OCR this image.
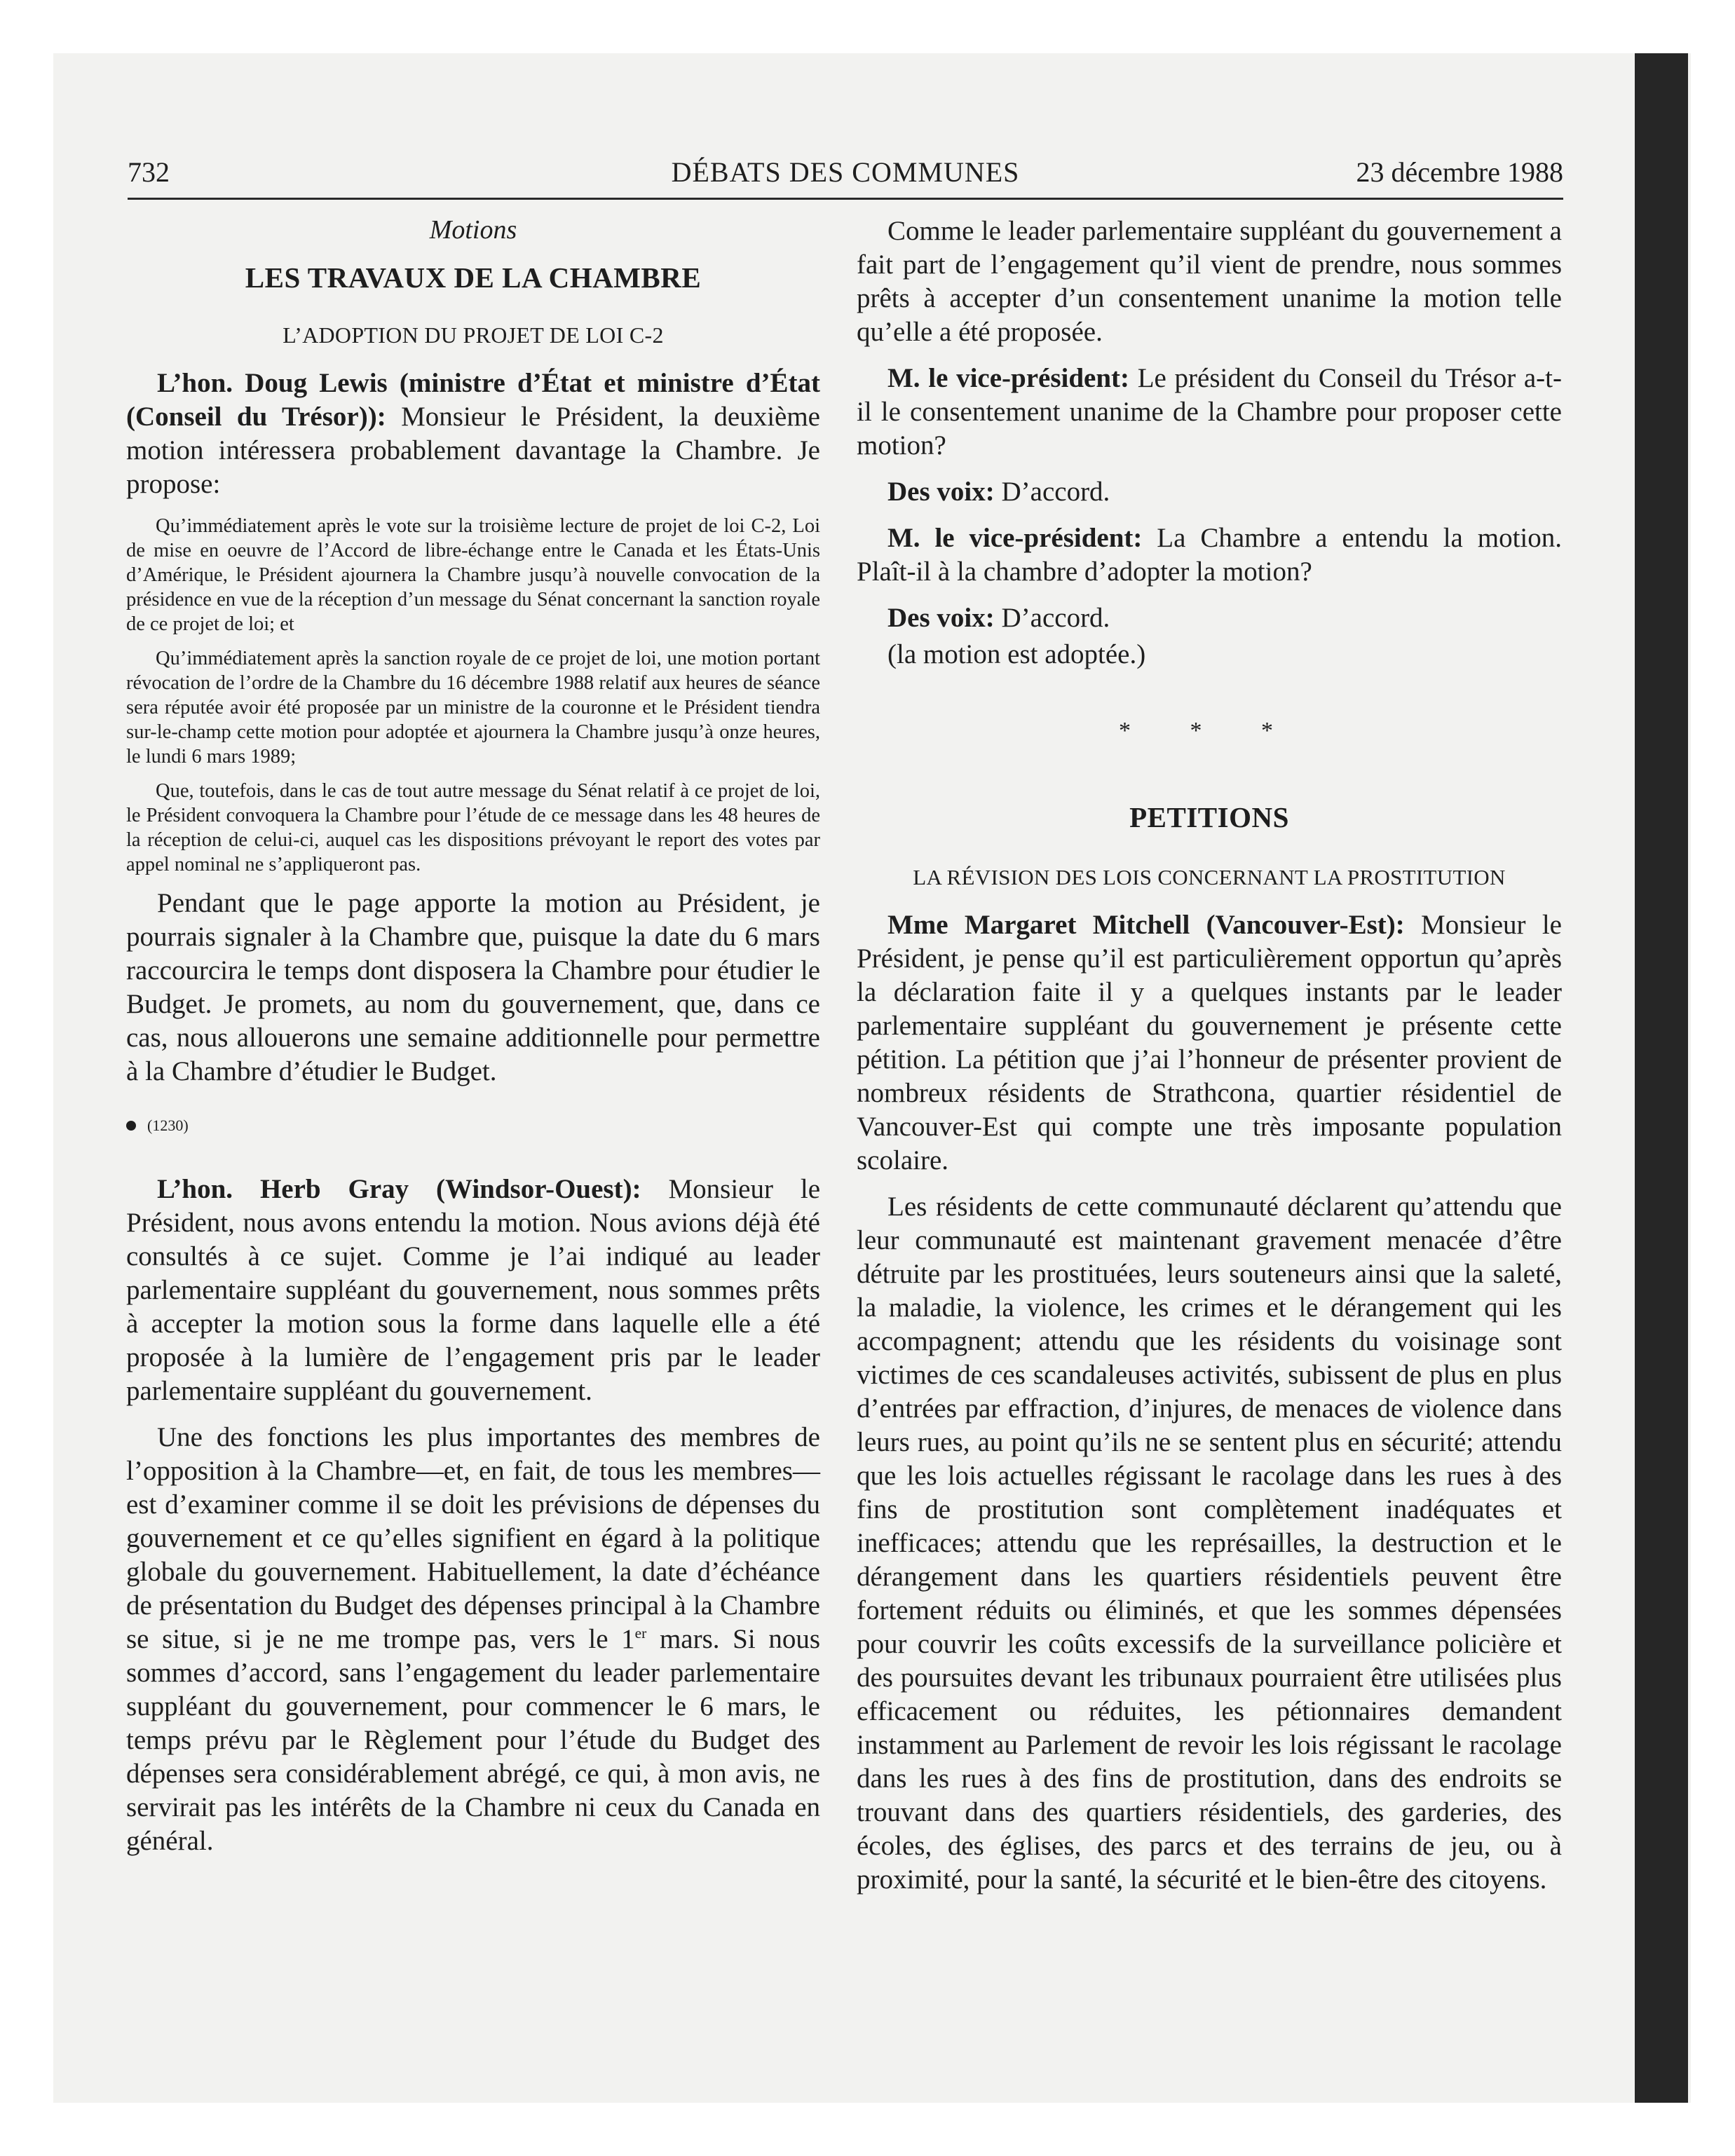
732	DÉBATS DES COMMUNES	23 décembre 1988
Motions
LES TRAVAUX DE LA CHAMBRE
L’ADOPTION DU PROJET DE LOI C-2

L’hon. Doug Lewis (ministre d’État et ministre d’État (Conseil du Trésor)): Monsieur le Président, la deuxième motion intéressera probablement davantage la Chambre. Je propose:

Qu’immédiatement après le vote sur la troisième lecture de projet de loi C-2, Loi de mise en oeuvre de l’Accord de libre-échange entre le Canada et les États-Unis d’Amérique, le Président ajournera la Chambre jusqu’à nouvelle convocation de la présidence en vue de la réception d’un message du Sénat concernant la sanction royale de ce projet de loi; et

Qu’immédiatement après la sanction royale de ce projet de loi, une motion portant révocation de l’ordre de la Chambre du 16 décembre 1988 relatif aux heures de séance sera réputée avoir été proposée par un ministre de la couronne et le Président tiendra sur-le-champ cette motion pour adoptée et ajournera la Chambre jusqu’à onze heures, le lundi 6 mars 1989;

Que, toutefois, dans le cas de tout autre message du Sénat relatif à ce projet de loi, le Président convoquera la Chambre pour l’étude de ce message dans les 48 heures de la réception de celui-ci, auquel cas les dispositions prévoyant le report des votes par appel nominal ne s’appliqueront pas.

Pendant que le page apporte la motion au Président, je pourrais signaler à la Chambre que, puisque la date du 6 mars raccourcira le temps dont disposera la Chambre pour étudier le Budget. Je promets, au nom du gouvernement, que, dans ce cas, nous allouerons une semaine additionnelle pour permettre à la Chambre d’étudier le Budget.

(1230)

L’hon. Herb Gray (Windsor-Ouest): Monsieur le Président, nous avons entendu la motion. Nous avions déjà été consultés à ce sujet. Comme je l’ai indiqué au leader parlementaire suppléant du gouvernement, nous sommes prêts à accepter la motion sous la forme dans laquelle elle a été proposée à la lumière de l’engagement pris par le leader parlementaire suppléant du gouvernement.

Une des fonctions les plus importantes des membres de l’opposition à la Chambre—et, en fait, de tous les membres—est d’examiner comme il se doit les prévisions de dépenses du gouvernement et ce qu’elles signifient en égard à la politique globale du gouvernement. Habituellement, la date d’échéance de présentation du Budget des dépenses principal à la Chambre se situe, si je ne me trompe pas, vers le 1er mars. Si nous sommes d’accord, sans l’engagement du leader parlementaire suppléant du gouvernement, pour commencer le 6 mars, le temps prévu par le Règlement pour l’étude du Budget des dépenses sera considérablement abrégé, ce qui, à mon avis, ne servirait pas les intérêts de la Chambre ni ceux du Canada en général.

Comme le leader parlementaire suppléant du gouvernement a fait part de l’engagement qu’il vient de prendre, nous sommes prêts à accepter d’un consentement unanime la motion telle qu’elle a été proposée.

M. le vice-président: Le président du Conseil du Trésor a-t-il le consentement unanime de la Chambre pour proposer cette motion?

Des voix: D’accord.

M. le vice-président: La Chambre a entendu la motion. Plaît-il à la chambre d’adopter la motion?

Des voix: D’accord.

(la motion est adoptée.)

* * *
PETITIONS
LA RÉVISION DES LOIS CONCERNANT LA PROSTITUTION

Mme Margaret Mitchell (Vancouver-Est): Monsieur le Président, je pense qu’il est particulièrement opportun qu’après la déclaration faite il y a quelques instants par le leader parlementaire suppléant du gouvernement je présente cette pétition. La pétition que j’ai l’honneur de présenter provient de nombreux résidents de Strathcona, quartier résidentiel de Vancouver-Est qui compte une très imposante population scolaire.

Les résidents de cette communauté déclarent qu’attendu que leur communauté est maintenant gravement menacée d’être détruite par les prostituées, leurs souteneurs ainsi que la saleté, la maladie, la violence, les crimes et le dérangement qui les accompagnent; attendu que les résidents du voisinage sont victimes de ces scandaleuses activités, subissent de plus en plus d’entrées par effraction, d’injures, de menaces de violence dans leurs rues, au point qu’ils ne se sentent plus en sécurité; attendu que les lois actuelles régissant le racolage dans les rues à des fins de prostitution sont complètement inadéquates et inefficaces; attendu que les représailles, la destruction et le dérangement dans les quartiers résidentiels peuvent être fortement réduits ou éliminés, et que les sommes dépensées pour couvrir les coûts excessifs de la surveillance policière et des poursuites devant les tribunaux pourraient être utilisées plus efficacement ou réduites, les pétionnaires demandent instamment au Parlement de revoir les lois régissant le racolage dans les rues à des fins de prostitution, dans des endroits se trouvant dans des quartiers résidentiels, des garderies, des écoles, des églises, des parcs et des terrains de jeu, ou à proximité, pour la santé, la sécurité et le bien-être des citoyens.
